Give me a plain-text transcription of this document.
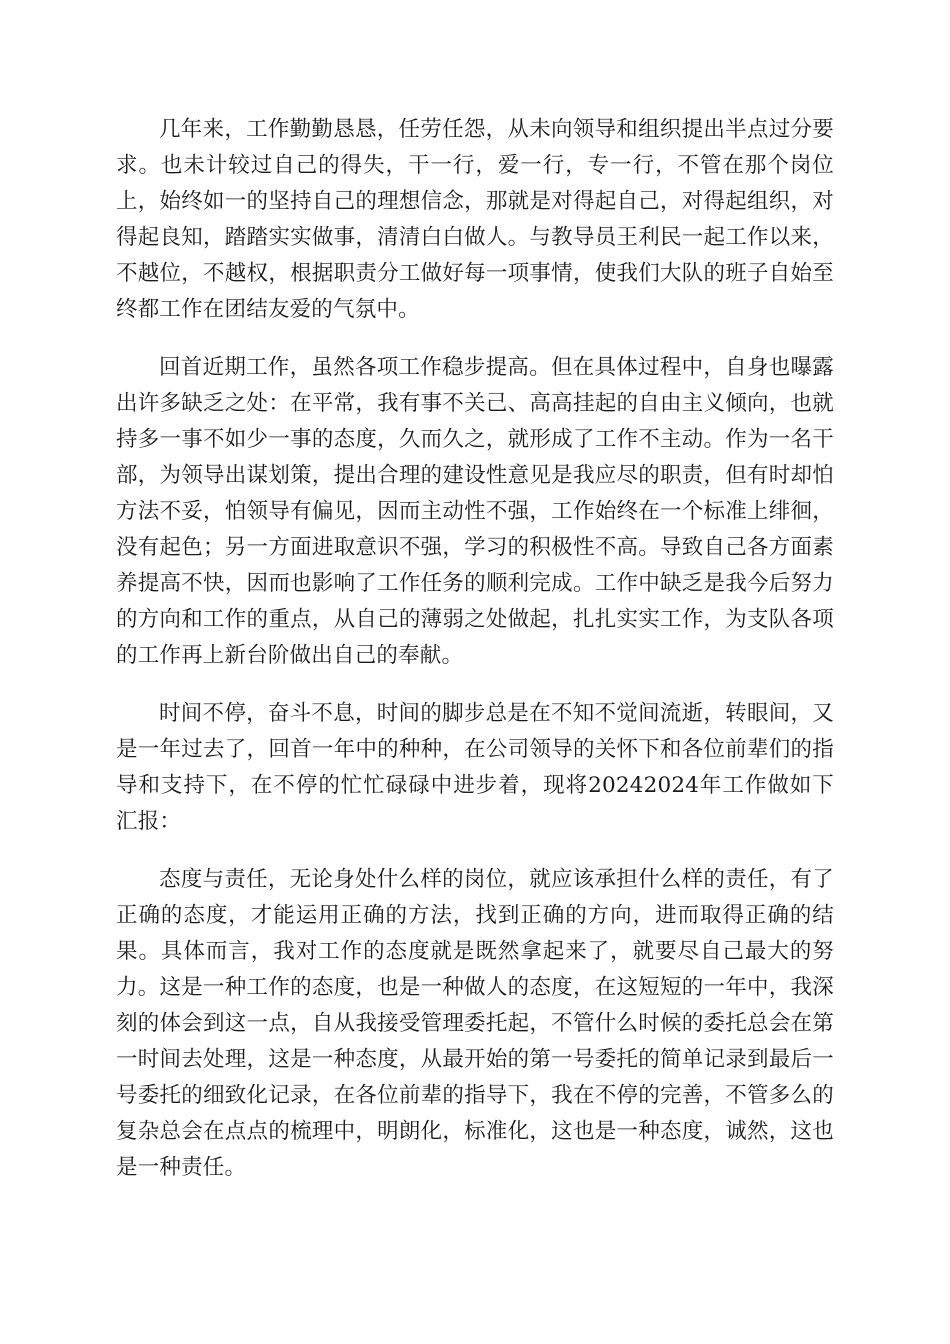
几年来，工作勤勤恳恳，任劳任怨，从未向领导和组织提出半点过分要求。也未计较过自己的得失，干一行，爱一行，专一行，不管在那个岗位上，始终如一的坚持自己的理想信念，那就是对得起自己，对得起组织，对得起良知，踏踏实实做事，清清白白做人。与教导员王利民一起工作以来，不越位，不越权，根据职责分工做好每一项事情，使我们大队的班子自始至终都工作在团结友爱的气氛中。

回首近期工作，虽然各项工作稳步提高。但在具体过程中，自身也曝露出许多缺乏之处：在平常，我有事不关己、高高挂起的自由主义倾向，也就持多一事不如少一事的态度，久而久之，就形成了工作不主动。作为一名干部，为领导出谋划策，提出合理的建设性意见是我应尽的职责，但有时却怕方法不妥，怕领导有偏见，因而主动性不强，工作始终在一个标准上绯徊，没有起色；另一方面进取意识不强，学习的积极性不高。导致自己各方面素养提高不快，因而也影响了工作任务的顺利完成。工作中缺乏是我今后努力的方向和工作的重点，从自己的薄弱之处做起，扎扎实实工作，为支队各项的工作再上新台阶做出自己的奉献。

时间不停，奋斗不息，时间的脚步总是在不知不觉间流逝，转眼间，又是一年过去了，回首一年中的种种，在公司领导的关怀下和各位前辈们的指导和支持下，在不停的忙忙碌碌中进步着，现将20242024年工作做如下汇报：

态度与责任，无论身处什么样的岗位，就应该承担什么样的责任，有了正确的态度，才能运用正确的方法，找到正确的方向，进而取得正确的结果。具体而言，我对工作的态度就是既然拿起来了，就要尽自己最大的努力。这是一种工作的态度，也是一种做人的态度，在这短短的一年中，我深刻的体会到这一点，自从我接受管理委托起，不管什么时候的委托总会在第一时间去处理，这是一种态度，从最开始的第一号委托的简单记录到最后一号委托的细致化记录，在各位前辈的指导下，我在不停的完善，不管多么的复杂总会在点点的梳理中，明朗化，标准化，这也是一种态度，诚然，这也是一种责任。
